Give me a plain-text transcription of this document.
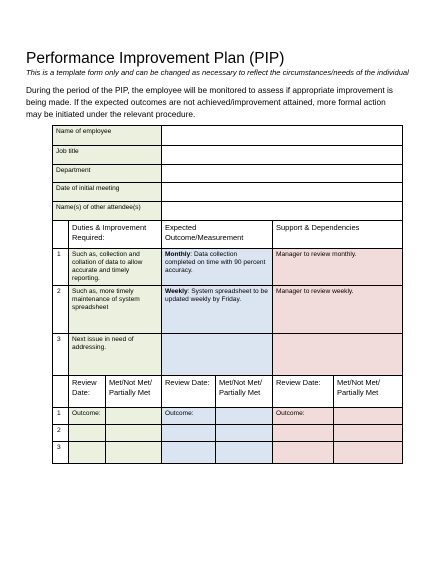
Performance Improvement Plan (PIP)
This is a template form only and can be changed as necessary to reflect the circumstances/needs of the individual
During the period of the PIP, the employee will be monitored to assess if appropriate improvement is being made. If the expected outcomes are not achieved/improvement attained, more formal action may be initiated under the relevant procedure.
Name of employee						
Job title						
Department						
Date of initial meeting						
Name(s) of other attendee(s)						
	Duties & Improvement Required:		Expected Outcome/Measurement		Support & Dependencies	
1	Such as, collection and collation of data to allow accurate and timely reporting.		Monthly: Data collection completed on time with 90 percent accuracy.		Manager to review monthly.	
2	Such as, more timely maintenance of system spreadsheet		Weekly: System spreadsheet to be updated weekly by Friday.		Manager to review weekly.	
3	Next issue in need of addressing.					
	Review Date:	Met/Not Met/ Partially Met	Review Date:	Met/Not Met/ Partially Met	Review Date:	Met/Not Met/ Partially Met
1	Outcome:		Outcome:		Outcome:	
2						
3						
